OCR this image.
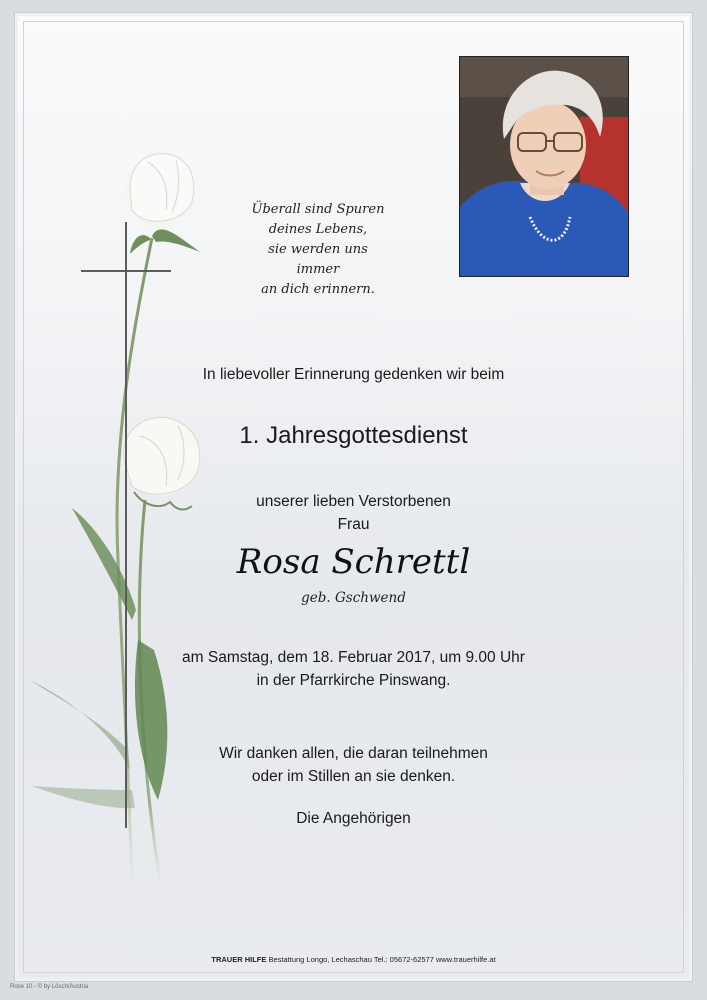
Überall sind Spuren
deines Lebens,
sie werden uns immer
an dich erinnern.
In liebevoller Erinnerung gedenken wir beim
1. Jahresgottesdienst
unserer lieben Verstorbenen
Frau
Rosa Schrettl
geb. Gschwend
am Samstag, dem 18. Februar 2017, um 9.00 Uhr
in der Pfarrkirche Pinswang.
Wir danken allen, die daran teilnehmen
oder im Stillen an sie denken.
Die Angehörigen
TRAUER HILFE Bestattung Longo, Lechaschau Tel.: 05672-62577 www.trauerhilfe.at
Rose 10 - © by Lösch/Austria
